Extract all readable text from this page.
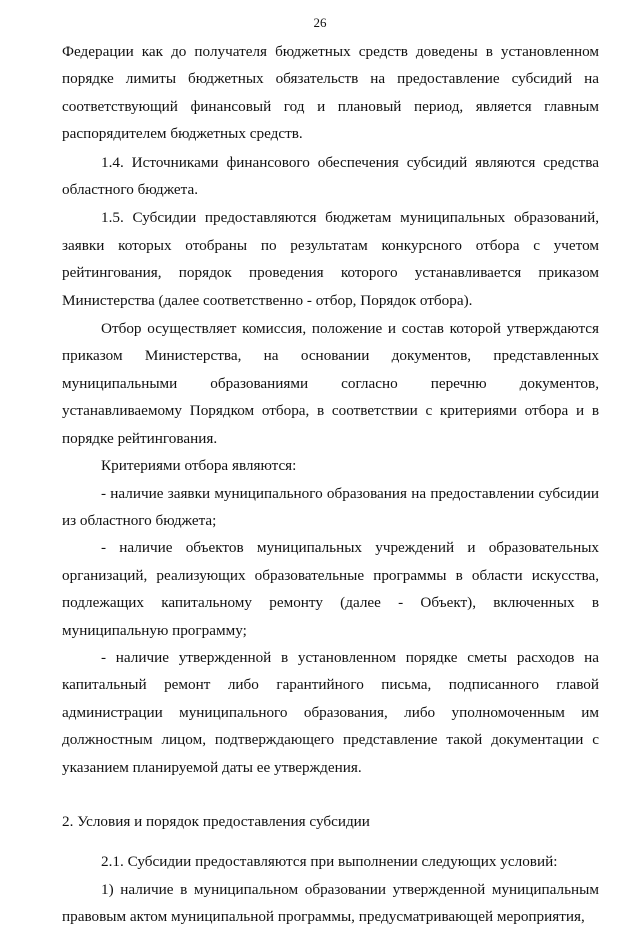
26

Федерации как до получателя бюджетных средств доведены в установленном порядке лимиты бюджетных обязательств на предоставление субсидий на соответствующий финансовый год и плановый период, является главным распорядителем бюджетных средств.

1.4. Источниками финансового обеспечения субсидий являются средства областного бюджета.

1.5. Субсидии предоставляются бюджетам муниципальных образований, заявки которых отобраны по результатам конкурсного отбора с учетом рейтингования, порядок проведения которого устанавливается приказом Министерства (далее соответственно - отбор, Порядок отбора).

Отбор осуществляет комиссия, положение и состав которой утверждаются приказом Министерства, на основании документов, представленных муниципальными образованиями согласно перечню документов, устанавливаемому Порядком отбора, в соответствии с критериями отбора и в порядке рейтингования.

Критериями отбора являются:

- наличие заявки муниципального образования на предоставлении субсидии из областного бюджета;

- наличие объектов муниципальных учреждений и образовательных организаций, реализующих образовательные программы в области искусства, подлежащих капитальному ремонту (далее - Объект), включенных в муниципальную программу;

- наличие утвержденной в установленном порядке сметы расходов на капитальный ремонт либо гарантийного письма, подписанного главой администрации муниципального образования, либо уполномоченным им должностным лицом, подтверждающего представление такой документации с указанием планируемой даты ее утверждения.

2. Условия и порядок предоставления субсидии

2.1. Субсидии предоставляются при выполнении следующих условий:

1) наличие в муниципальном образовании утвержденной муниципальным правовым актом муниципальной программы, предусматривающей мероприятия,
